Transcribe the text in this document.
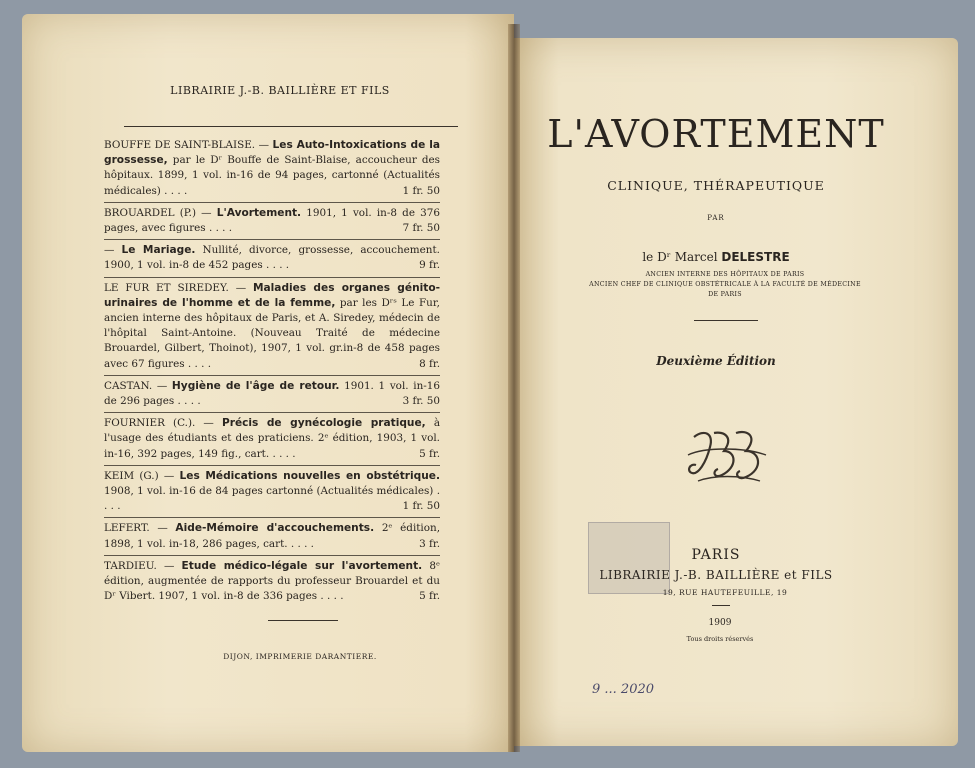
LIBRAIRIE J.-B. BAILLIÈRE ET FILS
BOUFFE DE SAINT-BLAISE. — Les Auto-Intoxications de la grossesse, par le Dʳ Bouffe de Saint-Blaise, accoucheur des hôpitaux. 1899, 1 vol. in-16 de 94 pages, cartonné (Actualités médicales) . . . .	1 fr. 50
BROUARDEL (P.) — L'Avortement. 1901, 1 vol. in-8 de 376 pages, avec figures . . . .	7 fr. 50
— Le Mariage. Nullité, divorce, grossesse, accouchement. 1900, 1 vol. in-8 de 452 pages . . . .	9 fr.
LE FUR ET SIREDEY. — Maladies des organes génito-urinaires de l'homme et de la femme, par les Dʳˢ Le Fur, ancien interne des hôpitaux de Paris, et A. Siredey, médecin de l'hôpital Saint-Antoine. (Nouveau Traité de médecine Brouardel, Gilbert, Thoinot), 1907, 1 vol. gr.in-8 de 458 pages avec 67 figures . . . .	8 fr.
CASTAN. — Hygiène de l'âge de retour. 1901. 1 vol. in-16 de 296 pages . . . .	3 fr. 50
FOURNIER (C.). — Précis de gynécologie pratique, à l'usage des étudiants et des praticiens. 2ᵉ édition, 1903, 1 vol. in-16, 392 pages, 149 fig., cart. . . . .	5 fr.
KEIM (G.) — Les Médications nouvelles en obstétrique. 1908, 1 vol. in-16 de 84 pages cartonné (Actualités médicales) . . . .	1 fr. 50
LEFERT. — Aide-Mémoire d'accouchements. 2ᵉ édition, 1898, 1 vol. in-18, 286 pages, cart. . . . .	3 fr.
TARDIEU. — Etude médico-légale sur l'avortement. 8ᵉ édition, augmentée de rapports du professeur Brouardel et du Dʳ Vibert. 1907, 1 vol. in-8 de 336 pages . . . .	5 fr.
DIJON, IMPRIMERIE DARANTIERE.
L'AVORTEMENT
CLINIQUE, THÉRAPEUTIQUE
PAR
le Dʳ Marcel DELESTRE
ANCIEN INTERNE DES HÔPITAUX DE PARIS
ANCIEN CHEF DE CLINIQUE OBSTÉTRICALE À LA FACULTÉ DE MÉDECINE
DE PARIS
Deuxième Édition
PARIS
LIBRAIRIE J.-B. BAILLIÈRE et FILS
19, RUE HAUTEFEUILLE, 19
1909
Tous droits réservés
9 ... 2020
